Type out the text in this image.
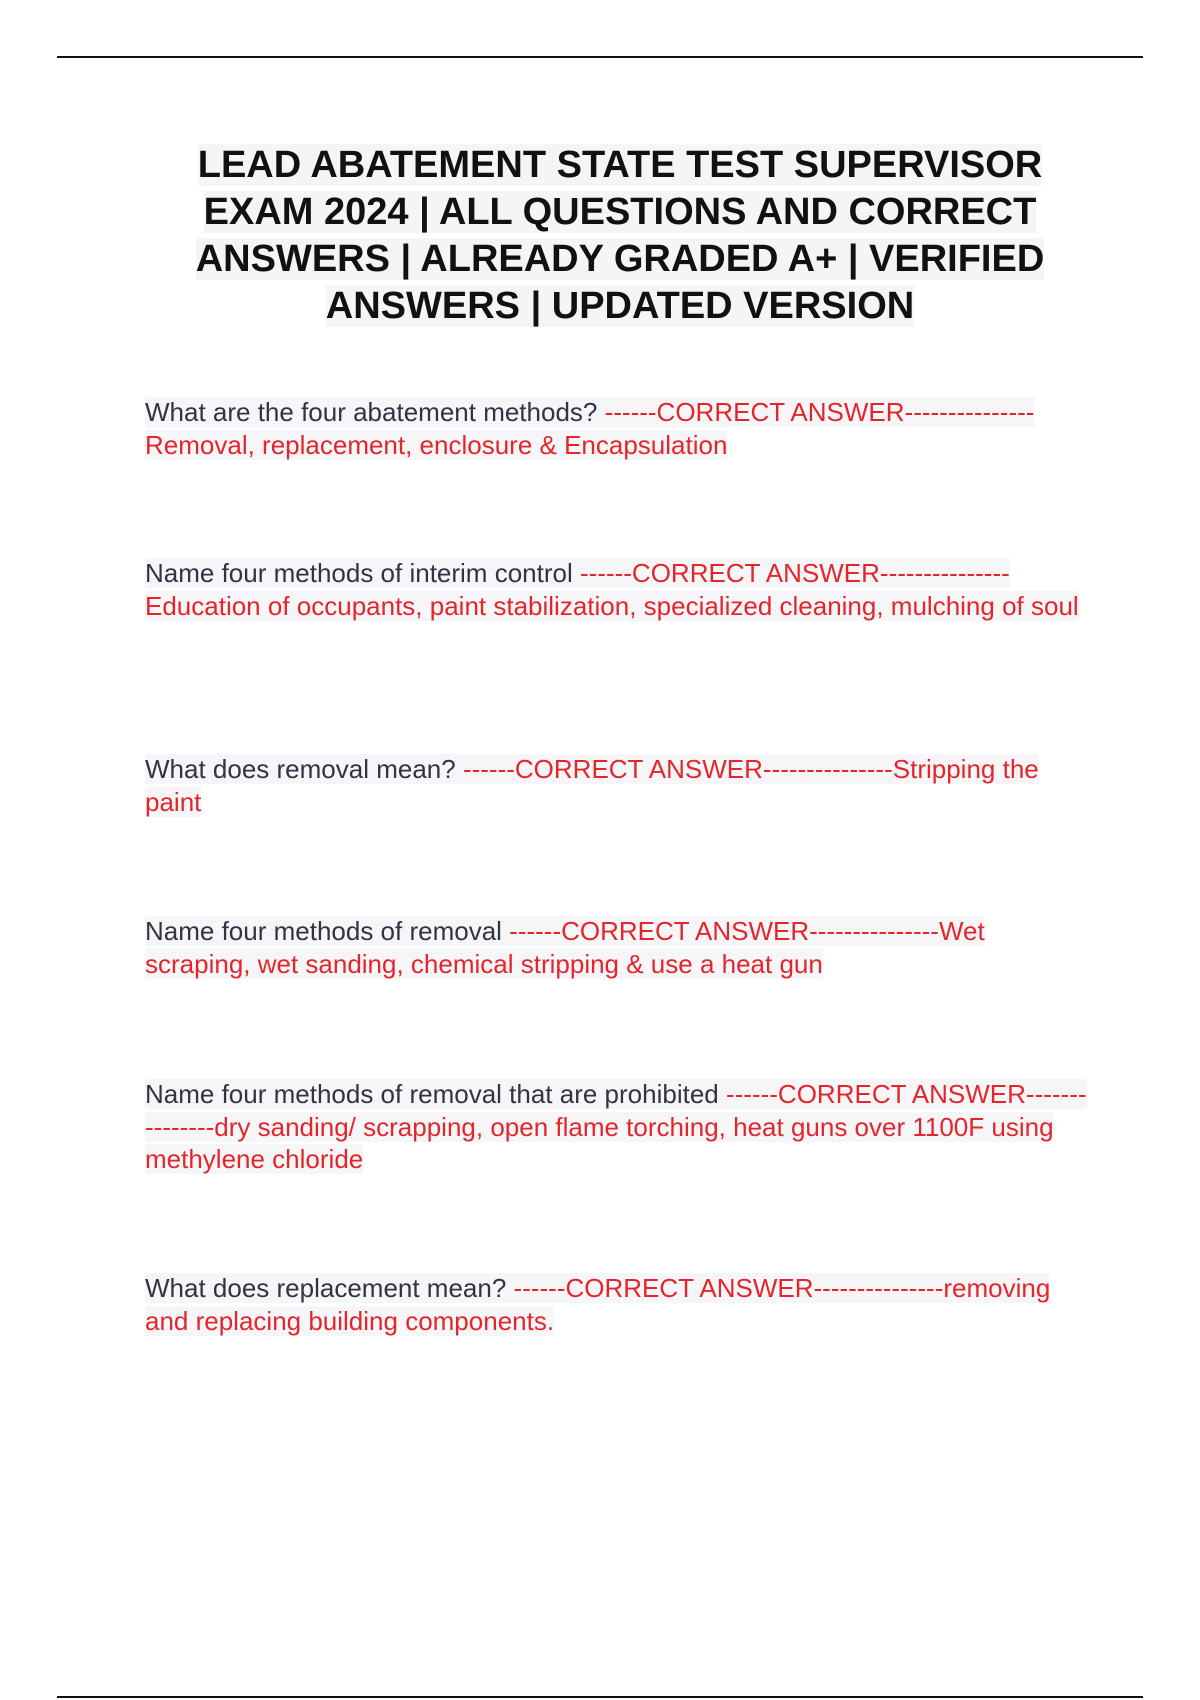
LEAD ABATEMENT STATE TEST SUPERVISOR EXAM 2024 | ALL QUESTIONS AND CORRECT ANSWERS | ALREADY GRADED A+ | VERIFIED ANSWERS | UPDATED VERSION

What are the four abatement methods? ------CORRECT ANSWER---------------Removal, replacement, enclosure & Encapsulation

Name four methods of interim control ------CORRECT ANSWER---------------Education of occupants, paint stabilization, specialized cleaning, mulching of soul

What does removal mean? ------CORRECT ANSWER---------------Stripping the paint

Name four methods of removal ------CORRECT ANSWER---------------Wet scraping, wet sanding, chemical stripping & use a heat gun

Name four methods of removal that are prohibited ------CORRECT ANSWER---------------dry sanding/ scrapping, open flame torching, heat guns over 1100F using methylene chloride

What does replacement mean? ------CORRECT ANSWER---------------removing and replacing building components.
